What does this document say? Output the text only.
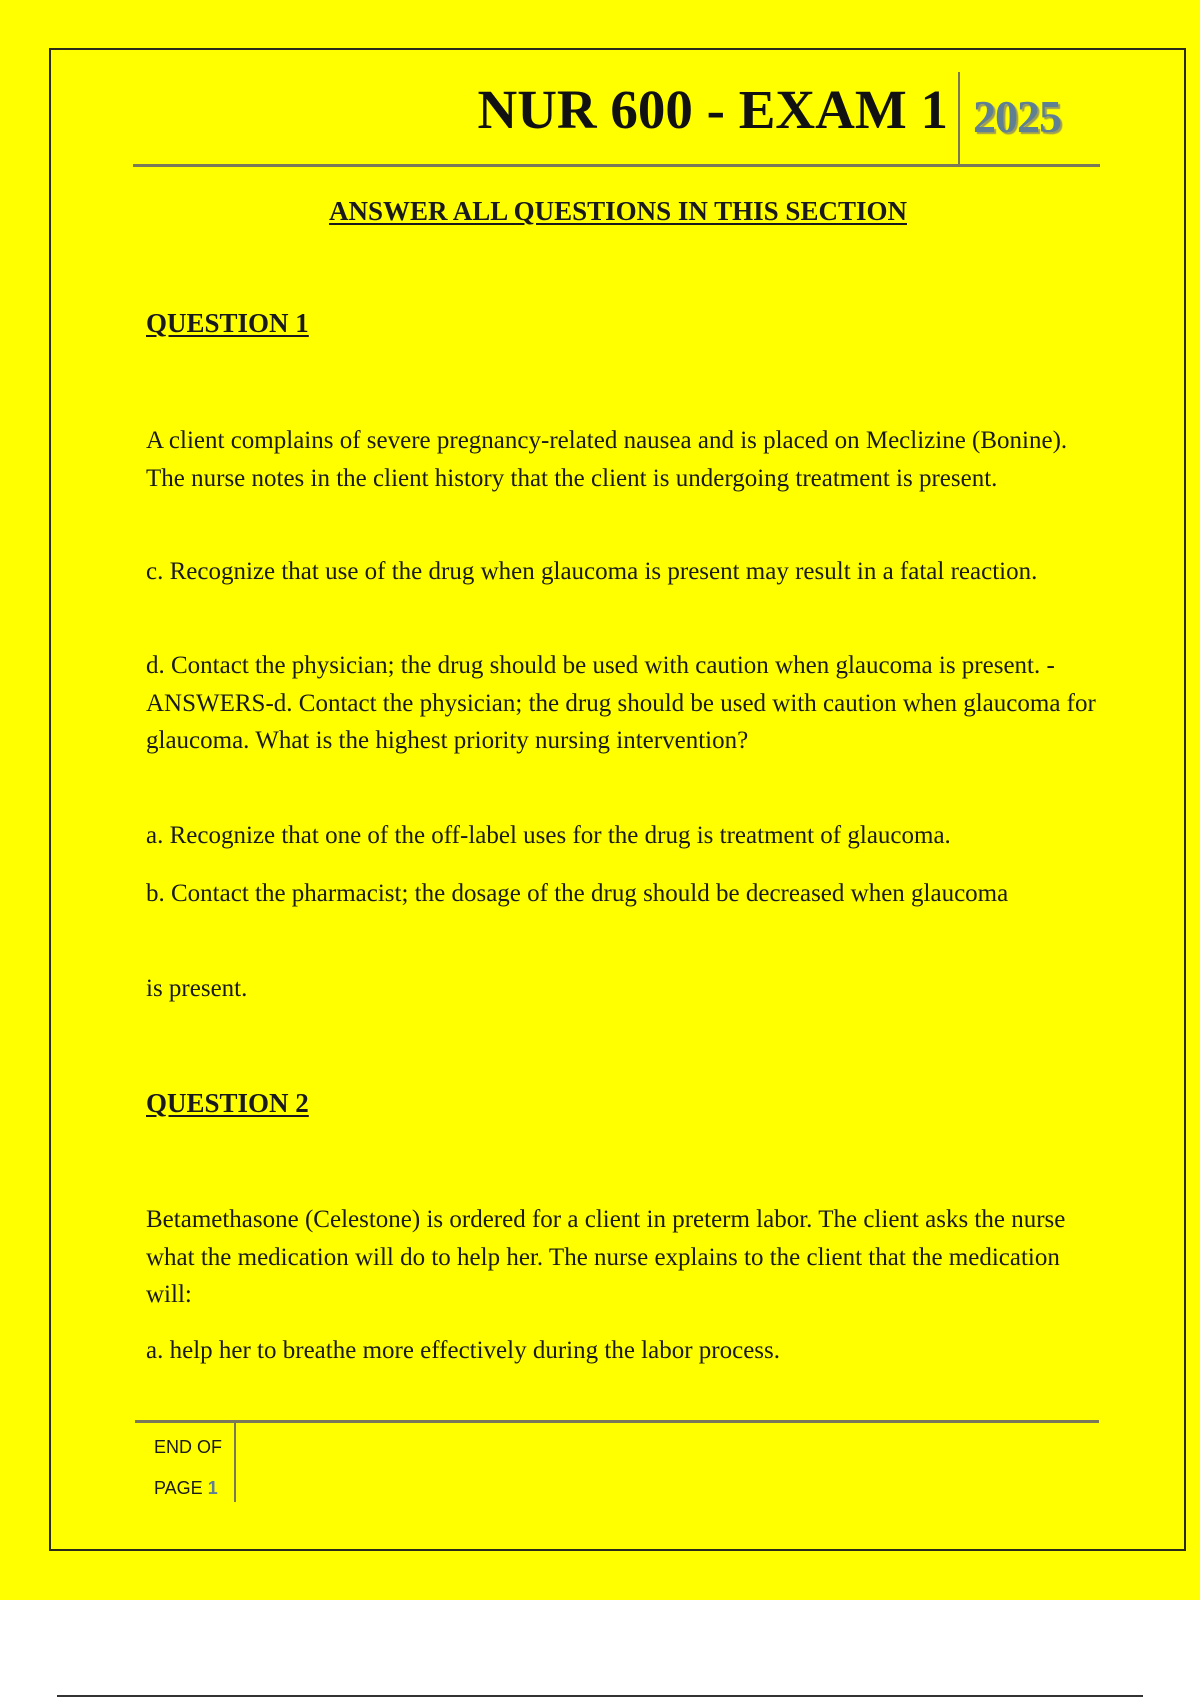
NUR 600 - EXAM 1 2025
ANSWER ALL QUESTIONS IN THIS SECTION
QUESTION 1

A client complains of severe pregnancy-related nausea and is placed on Meclizine (Bonine). The nurse notes in the client history that the client is undergoing treatment is present.

c. Recognize that use of the drug when glaucoma is present may result in a fatal reaction.

d. Contact the physician; the drug should be used with caution when glaucoma is present. - ANSWERS-d. Contact the physician; the drug should be used with caution when glaucoma for glaucoma. What is the highest priority nursing intervention?

a. Recognize that one of the off-label uses for the drug is treatment of glaucoma.

b. Contact the pharmacist; the dosage of the drug should be decreased when glaucoma

is present.

QUESTION 2

Betamethasone (Celestone) is ordered for a client in preterm labor. The client asks the nurse what the medication will do to help her. The nurse explains to the client that the medication will:

a. help her to breathe more effectively during the labor process.

END OF
PAGE 1
